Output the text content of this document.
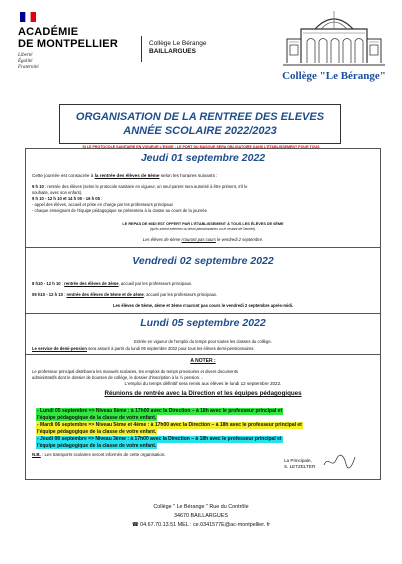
ACADÉMIE
DE MONTPELLIER
Liberté
Égalité
Fraternité
Collège Le Bérange
BAILLARGUES
Collège "Le Bérange"
ORGANISATION DE LA RENTREE DES ELEVES
ANNÉE SCOLAIRE 2022/2023
SI LE PROTOCOLE SANITAIRE EN VIGUEUR L'EXIGE : LE PORT DU MASQUE SERA OBLIGATOIRE DANS L'ÉTABLISSEMENT POUR TOUS
Jeudi 01 septembre 2022
Cette journée est consacrée à la rentrée des élèves de 6ème selon les horaires suivants :
9 h 10 : rentrée des élèves (selon le protocole sanitaire en vigueur, un seul parent sera autorisé à être présent, s'il le
souhaite, avec son enfant).
9 h 10 - 12 h 10 et 14 h 00 - 16 h 05 :
- appel des élèves, accueil et prise en charge par les professeurs principaux
- chaque enseignant de l'équipe pédagogique se présentera à la classe au cours de la journée
LE REPAS DE MIDI EST OFFERT PAR L'ÉTABLISSEMENT À TOUS LES ÉLÈVES DE 6ÈME
(qu'ils soient externes ou demi-pensionnaires ou le restant de l'année).
Les élèves de 6ème n'auront pas cours le vendredi 2 septembre.
Vendredi 02 septembre 2022
8 h10 - 12 h 10 : rentrée des élèves de 3ème, accueil par les professeurs principaux.
09 h10 - 12 h 10 : rentrée des élèves de 5ème et de 4ème, accueil par les professeurs principaux.
Les élèves de 5ème, 4ème et 3ème n'auront pas cours le vendredi 2 septembre après-midi.
Lundi 05 septembre 2022
Entrée en vigueur de l'emploi du temps pour toutes les classes du collège.
Le service de demi-pension sera assuré à partir du lundi 05 septembre 2022 pour tous les élèves demi-pensionnaires.
A NOTER :
Le professeur principal distribuera les manuels scolaires, les emplois du temps provisoires et divers documents
administratifs dont le dossier de bourses de collège, le dossier d'inscription à la ½ pension…
L'emploi du temps définitif sera remis aux élèves le lundi 12 septembre 2022.
Réunions de rentrée avec la Direction et les équipes pédagogiques
- Lundi 05 septembre => Niveau 6ème : à 17h00 avec la Direction – à 18h avec le professeur principal et
l'équipe pédagogique de la classe de votre enfant.
- Mardi 06 septembre => Niveau 5ème et 4ème : à 17h00 avec la Direction – à 18h avec le professeur principal et
l'équipe pédagogique de la classe de votre enfant.
- Jeudi 08 septembre => Niveau 3ème : à 17h00 avec la Direction – à 18h avec le professeur principal et
l'équipe pédagogique de la classe de votre enfant.
N.B. : Les transports scolaires seront informés de cette organisation.
La Principale,
S. LETZELTER
Collège " Le Bérange " Rue du Contrôle
34670 BAILLARGUES
☎ 04.67.70.13.51 MEL : ce.0341577E@ac-montpellier. fr
